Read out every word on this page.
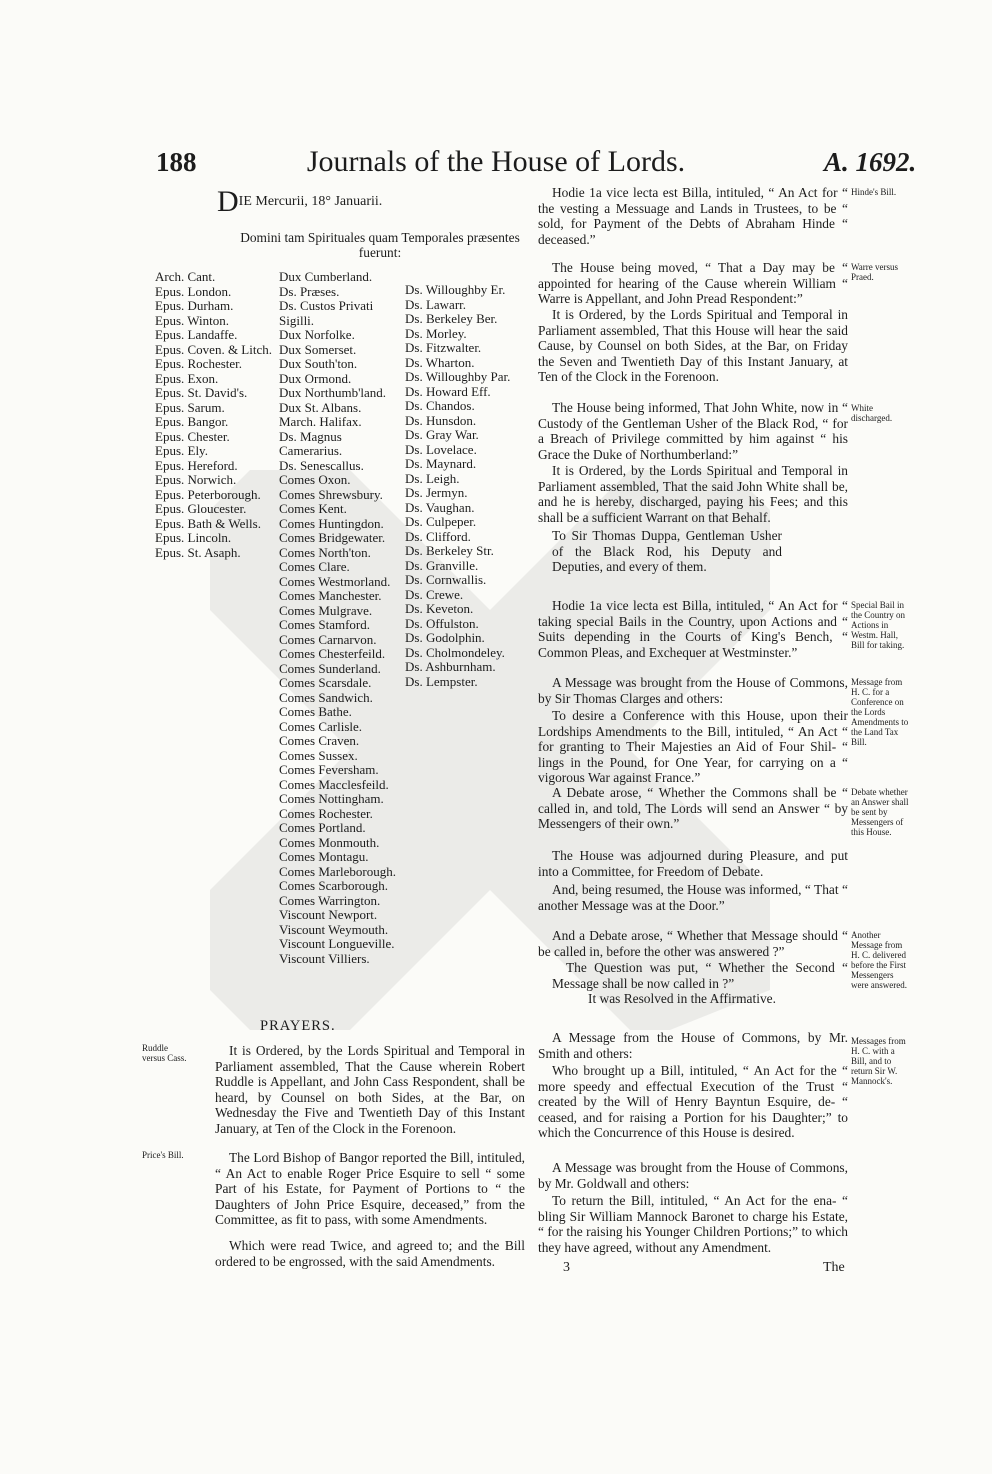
188	Journals of the House of Lords.	A. 1692.
DIE Mercurii, 18° Januarii.
Domini tam Spirituales quam Temporales præsentes fuerunt:
Arch. Cant.
Epus. London.
Epus. Durham.
Epus. Winton.
Epus. Landaffe.
Epus. Coven. & Litch.
Epus. Rochester.
Epus. Exon.
Epus. St. David's.
Epus. Sarum.
Epus. Bangor.
Epus. Chester.
Epus. Ely.
Epus. Hereford.
Epus. Norwich.
Epus. Peterborough.
Epus. Gloucester.
Epus. Bath & Wells.
Epus. Lincoln.
Epus. St. Asaph.
Dux Cumberland.
Ds. Præses.
Ds. Custos Privati Sigilli.
Dux Norfolke.
Dux Somerset.
Dux South'ton.
Dux Ormond.
Dux Northumb'land.
Dux St. Albans.
March. Halifax.
Ds. Magnus Camerarius.
Ds. Senescallus.
Comes Oxon.
Comes Shrewsbury.
Comes Kent.
Comes Huntingdon.
Comes Bridgewater.
Comes North'ton.
Comes Clare.
Comes Westmorland.
Comes Manchester.
Comes Mulgrave.
Comes Stamford.
Comes Carnarvon.
Comes Chesterfeild.
Comes Sunderland.
Comes Scarsdale.
Comes Sandwich.
Comes Bathe.
Comes Carlisle.
Comes Craven.
Comes Sussex.
Comes Feversham.
Comes Macclesfeild.
Comes Nottingham.
Comes Rochester.
Comes Portland.
Comes Monmouth.
Comes Montagu.
Comes Marleborough.
Comes Scarborough.
Comes Warrington.
Viscount Newport.
Viscount Weymouth.
Viscount Longueville.
Viscount Villiers.
Ds. Willoughby Er.
Ds. Lawarr.
Ds. Berkeley Ber.
Ds. Morley.
Ds. Fitzwalter.
Ds. Wharton.
Ds. Willoughby Par.
Ds. Howard Eff.
Ds. Chandos.
Ds. Hunsdon.
Ds. Gray War.
Ds. Lovelace.
Ds. Maynard.
Ds. Leigh.
Ds. Jermyn.
Ds. Vaughan.
Ds. Culpeper.
Ds. Clifford.
Ds. Berkeley Str.
Ds. Granville.
Ds. Cornwallis.
Ds. Crewe.
Ds. Keveton.
Ds. Offulston.
Ds. Godolphin.
Ds. Cholmondeley.
Ds. Ashburnham.
Ds. Lempster.
PRAYERS.
Ruddle versus Cass.	It is Ordered, by the Lords Spiritual and Temporal in Parliament assembled, That the Cause wherein Robert Ruddle is Appellant, and John Cass Respondent, shall be heard, by Counsel on both Sides, at the Bar, on Wednesday the Five and Twentieth Day of this Instant January, at Ten of the Clock in the Forenoon.

Price's Bill.	The Lord Bishop of Bangor reported the Bill, intituled, “ An Act to enable Roger Price Esquire to sell “ some Part of his Estate, for Payment of Portions to “ the Daughters of John Price Esquire, deceased,” from the Committee, as fit to pass, with some Amendments.

Which were read Twice, and agreed to; and the Bill ordered to be engrossed, with the said Amendments.

Hodie 1a vice lecta est Billa, intituled, “ An Act for “ the vesting a Messuage and Lands in Trustees, to be “ sold, for Payment of the Debts of Abraham Hinde “ deceased.”
The House being moved, “ That a Day may be “ appointed for hearing of the Cause wherein William “ Warre is Appellant, and John Pread Respondent:”
It is Ordered, by the Lords Spiritual and Temporal in Parliament assembled, That this House will hear the said Cause, by Counsel on both Sides, at the Bar, on Friday the Seven and Twentieth Day of this Instant January, at Ten of the Clock in the Forenoon.
The House being informed, That John White, now in “ Custody of the Gentleman Usher of the Black Rod, “ for a Breach of Privilege committed by him against “ his Grace the Duke of Northumberland:”
It is Ordered, by the Lords Spiritual and Temporal in Parliament assembled, That the said John White shall be, and he is hereby, discharged, paying his Fees; and this shall be a sufficient Warrant on that Behalf.
To Sir Thomas Duppa, Gentleman Usher of the Black Rod, his Deputy and Deputies, and every of them.
Hodie 1a vice lecta est Billa, intituled, “ An Act for “ taking special Bails in the Country, upon Actions and “ Suits depending in the Courts of King's Bench, “ Common Pleas, and Exchequer at Westminster.”
A Message was brought from the House of Commons, by Sir Thomas Clarges and others:
To desire a Conference with this House, upon their Lordships Amendments to the Bill, intituled, “ An Act “ for granting to Their Majesties an Aid of Four Shil- “ lings in the Pound, for One Year, for carrying on a “ vigorous War against France.”
A Debate arose, “ Whether the Commons shall be “ called in, and told, The Lords will send an Answer “ by Messengers of their own.”
The House was adjourned during Pleasure, and put into a Committee, for Freedom of Debate.
And, being resumed, the House was informed, “ That “ another Message was at the Door.”
And a Debate arose, “ Whether that Message should “ be called in, before the other was answered ?”
The Question was put, “ Whether the Second “ Message shall be now called in ?”
It was Resolved in the Affirmative.
A Message from the House of Commons, by Mr. Smith and others:
Who brought up a Bill, intituled, “ An Act for the “ more speedy and effectual Execution of the Trust “ created by the Will of Henry Bayntun Esquire, de- “ ceased, and for raising a Portion for his Daughter;” to which the Concurrence of this House is desired.
A Message was brought from the House of Commons, by Mr. Goldwall and others:
To return the Bill, intituled, “ An Act for the ena- “ bling Sir William Mannock Baronet to charge his Estate, “ for the raising his Younger Children Portions;” to which they have agreed, without any Amendment.
3	The
Hinde's Bill.
Warre versus Praed.
White discharged.
Special Bail in the Country on Actions in Westm. Hall, Bill for taking.
Message from H. C. for a Conference on the Lords Amendments to the Land Tax Bill.
Debate whether an Answer shall be sent by Messengers of this House.
Another Message from H. C. delivered before the First Messengers were answered.
Messages from H. C. with a Bill, and to return Sir W. Mannock's.
